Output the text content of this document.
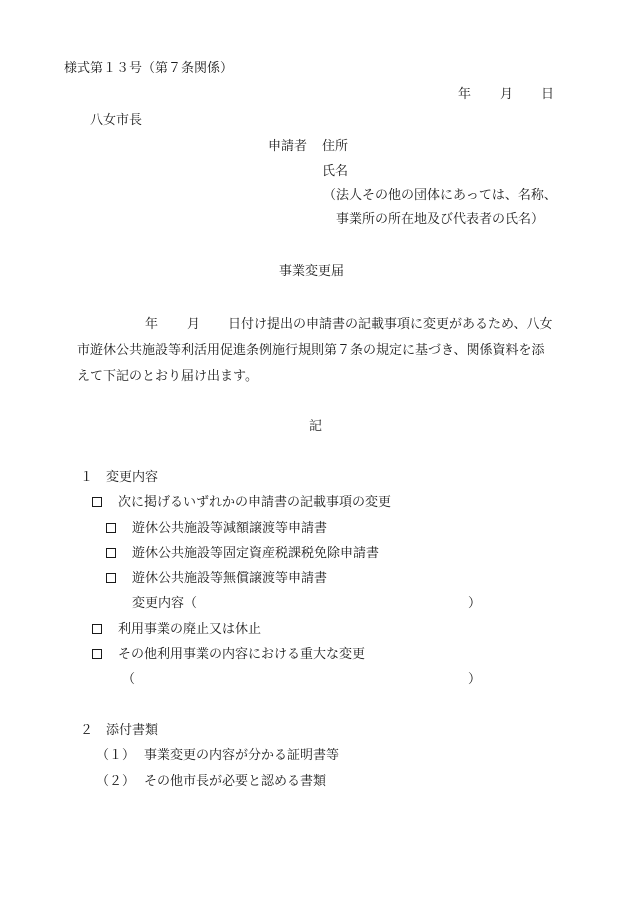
様式第１３号（第７条関係）
年 月 日
八女市長
申請者 住所
氏名
（法人その他の団体にあっては、名称、
事業所の所在地及び代表者の氏名）
事業変更届
年 月 日付け提出の申請書の記載事項に変更があるため、八女
市遊休公共施設等利活用促進条例施行規則第７条の規定に基づき、関係資料を添
えて下記のとおり届け出ます。
記
１　変更内容
次に掲げるいずれかの申請書の記載事項の変更
遊休公共施設等減額譲渡等申請書
遊休公共施設等固定資産税課税免除申請書
遊休公共施設等無償譲渡等申請書
変更内容（	）
利用事業の廃止又は休止
その他利用事業の内容における重大な変更
（	）
２　添付書類
（１） 事業変更の内容が分かる証明書等
（２） その他市長が必要と認める書類
